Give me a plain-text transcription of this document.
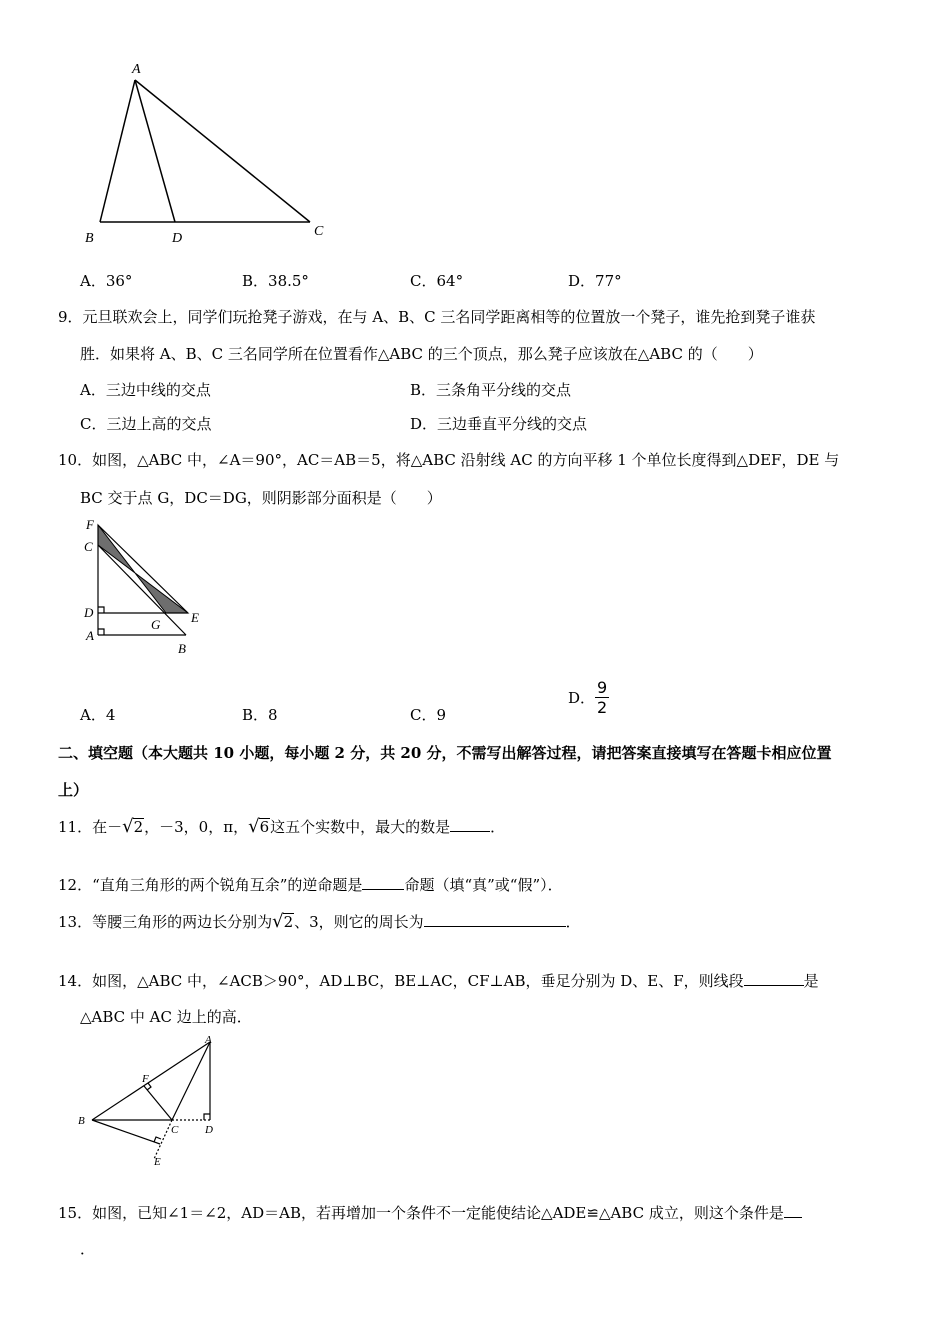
A
B	D	C
A．36°	B．38.5°	C．64°	D．77°
9．元旦联欢会上，同学们玩抢凳子游戏，在与 A、B、C 三名同学距离相等的位置放一个凳子，谁先抢到凳子谁获
胜．如果将 A、B、C 三名同学所在位置看作△ABC 的三个顶点，那么凳子应该放在△ABC 的（　　）
A．三边中线的交点	B．三条角平分线的交点
C．三边上高的交点	D．三边垂直平分线的交点
10．如图，△ABC 中，∠A＝90°，AC＝AB＝5，将△ABC 沿射线 AC 的方向平移 1 个单位长度得到△DEF，DE 与
BC 交于点 G，DC＝DG，则阴影部分面积是（　　）
F
C
D
A
G E
B
A．4	B．8	C．9
D． $\frac{9}{2}$
二、填空题（本大题共 10 小题，每小题 2 分，共 20 分，不需写出解答过程，请把答案直接填写在答题卡相应位置
上）
11．在－√2，－3，0，π，√6这五个实数中，最大的数是	．
12．“直角三角形的两个锐角互余”的逆命题是	命题（填“真”或“假”）．
13．等腰三角形的两边长分别为√2、3，则它的周长为	．
14．如图，△ABC 中，∠ACB＞90°，AD⊥BC，BE⊥AC，CF⊥AB，垂足分别为 D、E、F，则线段	是
△ABC 中 AC 边上的高．
A
F
B
C D
E
15．如图，已知∠1＝∠2，AD＝AB，若再增加一个条件不一定能使结论△ADE≌△ABC 成立，则这个条件是
．
